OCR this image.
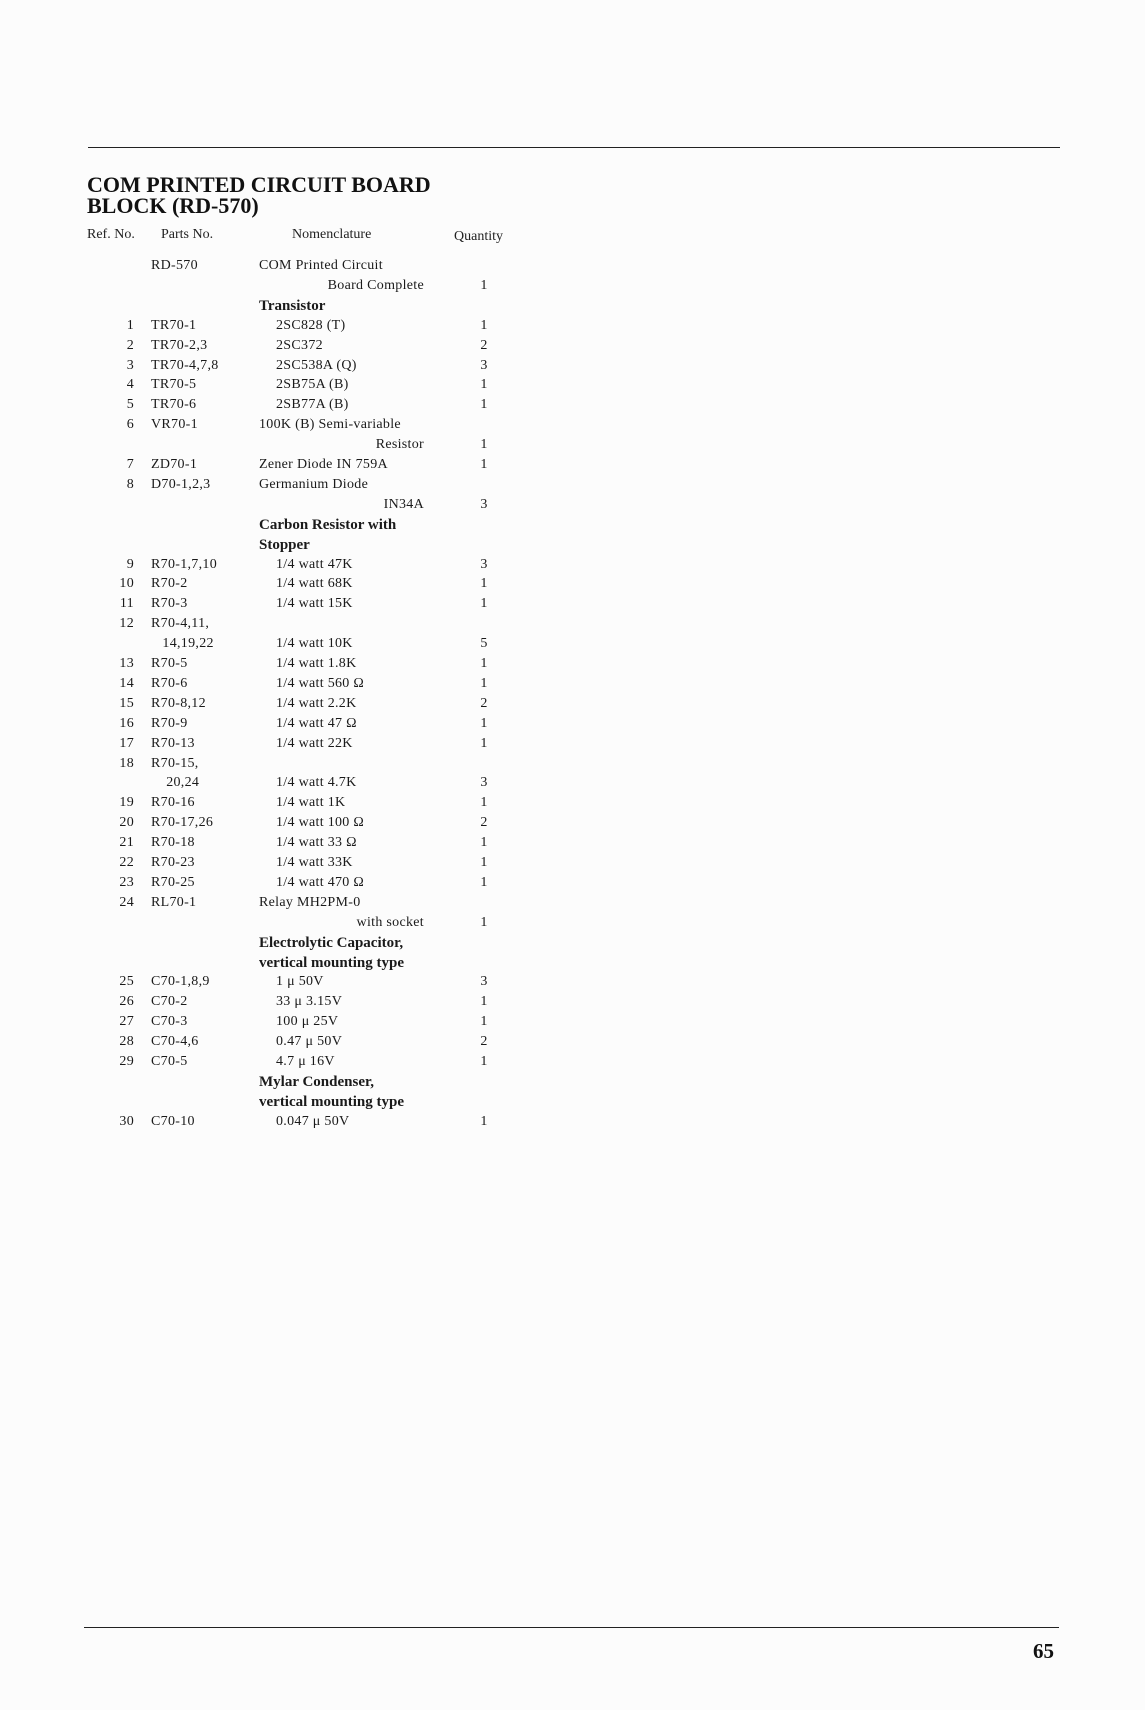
COM PRINTED CIRCUIT BOARD
BLOCK (RD-570)
Ref. No. Parts No.	Nomenclature	Quantity
RD-570	COM Printed Circuit
Board Complete	1
Transistor
1 TR70-1	2SC828 (T)	1
2 TR70-2,3	2SC372	2
3 TR70-4,7,8	2SC538A (Q)	3
4 TR70-5	2SB75A (B)	1
5 TR70-6	2SB77A (B)	1
6 VR70-1	100K (B) Semi-variable
Resistor	1
7 ZD70-1	Zener Diode IN 759A	1
8 D70-1,2,3	Germanium Diode
IN34A	3
Carbon Resistor with
Stopper
9 R70-1,7,10	1/4 watt 47K	3
10 R70-2	1/4 watt 68K	1
11 R70-3	1/4 watt 15K	1
12 R70-4,11,
14,19,22	1/4 watt 10K	5
13 R70-5	1/4 watt 1.8K	1
14 R70-6	1/4 watt 560 Ω	1
15 R70-8,12	1/4 watt 2.2K	2
16 R70-9	1/4 watt 47 Ω	1
17 R70-13	1/4 watt 22K	1
18 R70-15,
20,24	1/4 watt 4.7K	3
19 R70-16	1/4 watt 1K	1
20 R70-17,26	1/4 watt 100 Ω	2
21 R70-18	1/4 watt 33 Ω	1
22 R70-23	1/4 watt 33K	1
23 R70-25	1/4 watt 470 Ω	1
24 RL70-1	Relay MH2PM-0
with socket	1
Electrolytic Capacitor,
vertical mounting type
25 C70-1,8,9	1 μ 50V	3
26 C70-2	33 μ 3.15V	1
27 C70-3	100 μ 25V	1
28 C70-4,6	0.47 μ 50V	2
29 C70-5	4.7 μ 16V	1
Mylar Condenser,
vertical mounting type
30 C70-10	0.047 μ 50V	1
65
